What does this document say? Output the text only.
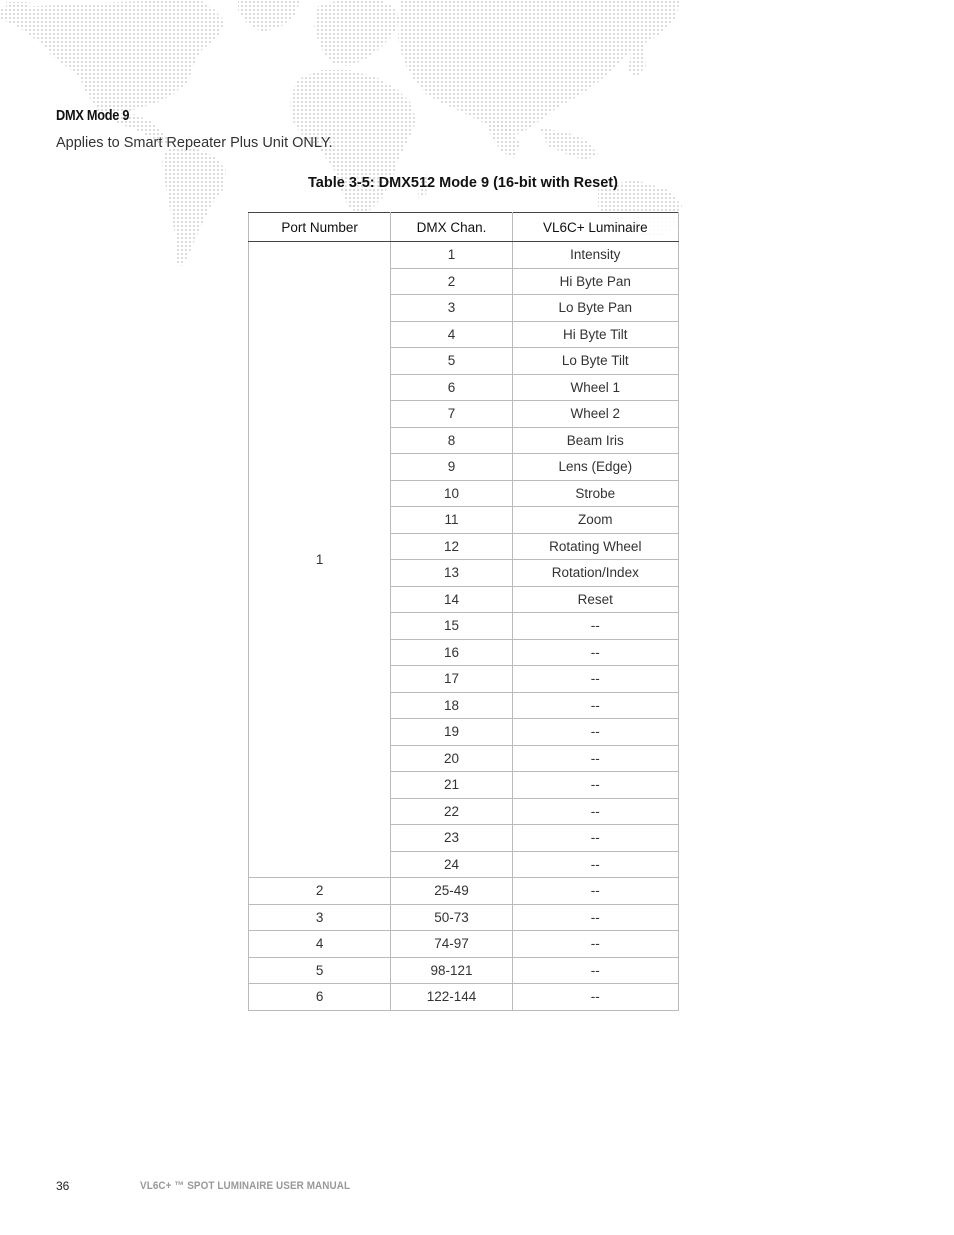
DMX Mode 9

Applies to Smart Repeater Plus Unit ONLY.

Table 3-5: DMX512 Mode 9 (16-bit with Reset)
Port Number	DMX Chan.	VL6C+ Luminaire
1	1	Intensity
	2	Hi Byte Pan
	3	Lo Byte Pan
	4	Hi Byte Tilt
	5	Lo Byte Tilt
	6	Wheel 1
	7	Wheel 2
	8	Beam Iris
	9	Lens (Edge)
	10	Strobe
	11	Zoom
	12	Rotating Wheel
	13	Rotation/Index
	14	Reset
	15	--
	16	--
	17	--
	18	--
	19	--
	20	--
	21	--
	22	--
	23	--
	24	--
2	25-49	--
3	50-73	--
4	74-97	--
5	98-121	--
6	122-144	--
36	VL6C+ ™ SPOT LUMINAIRE USER MANUAL
